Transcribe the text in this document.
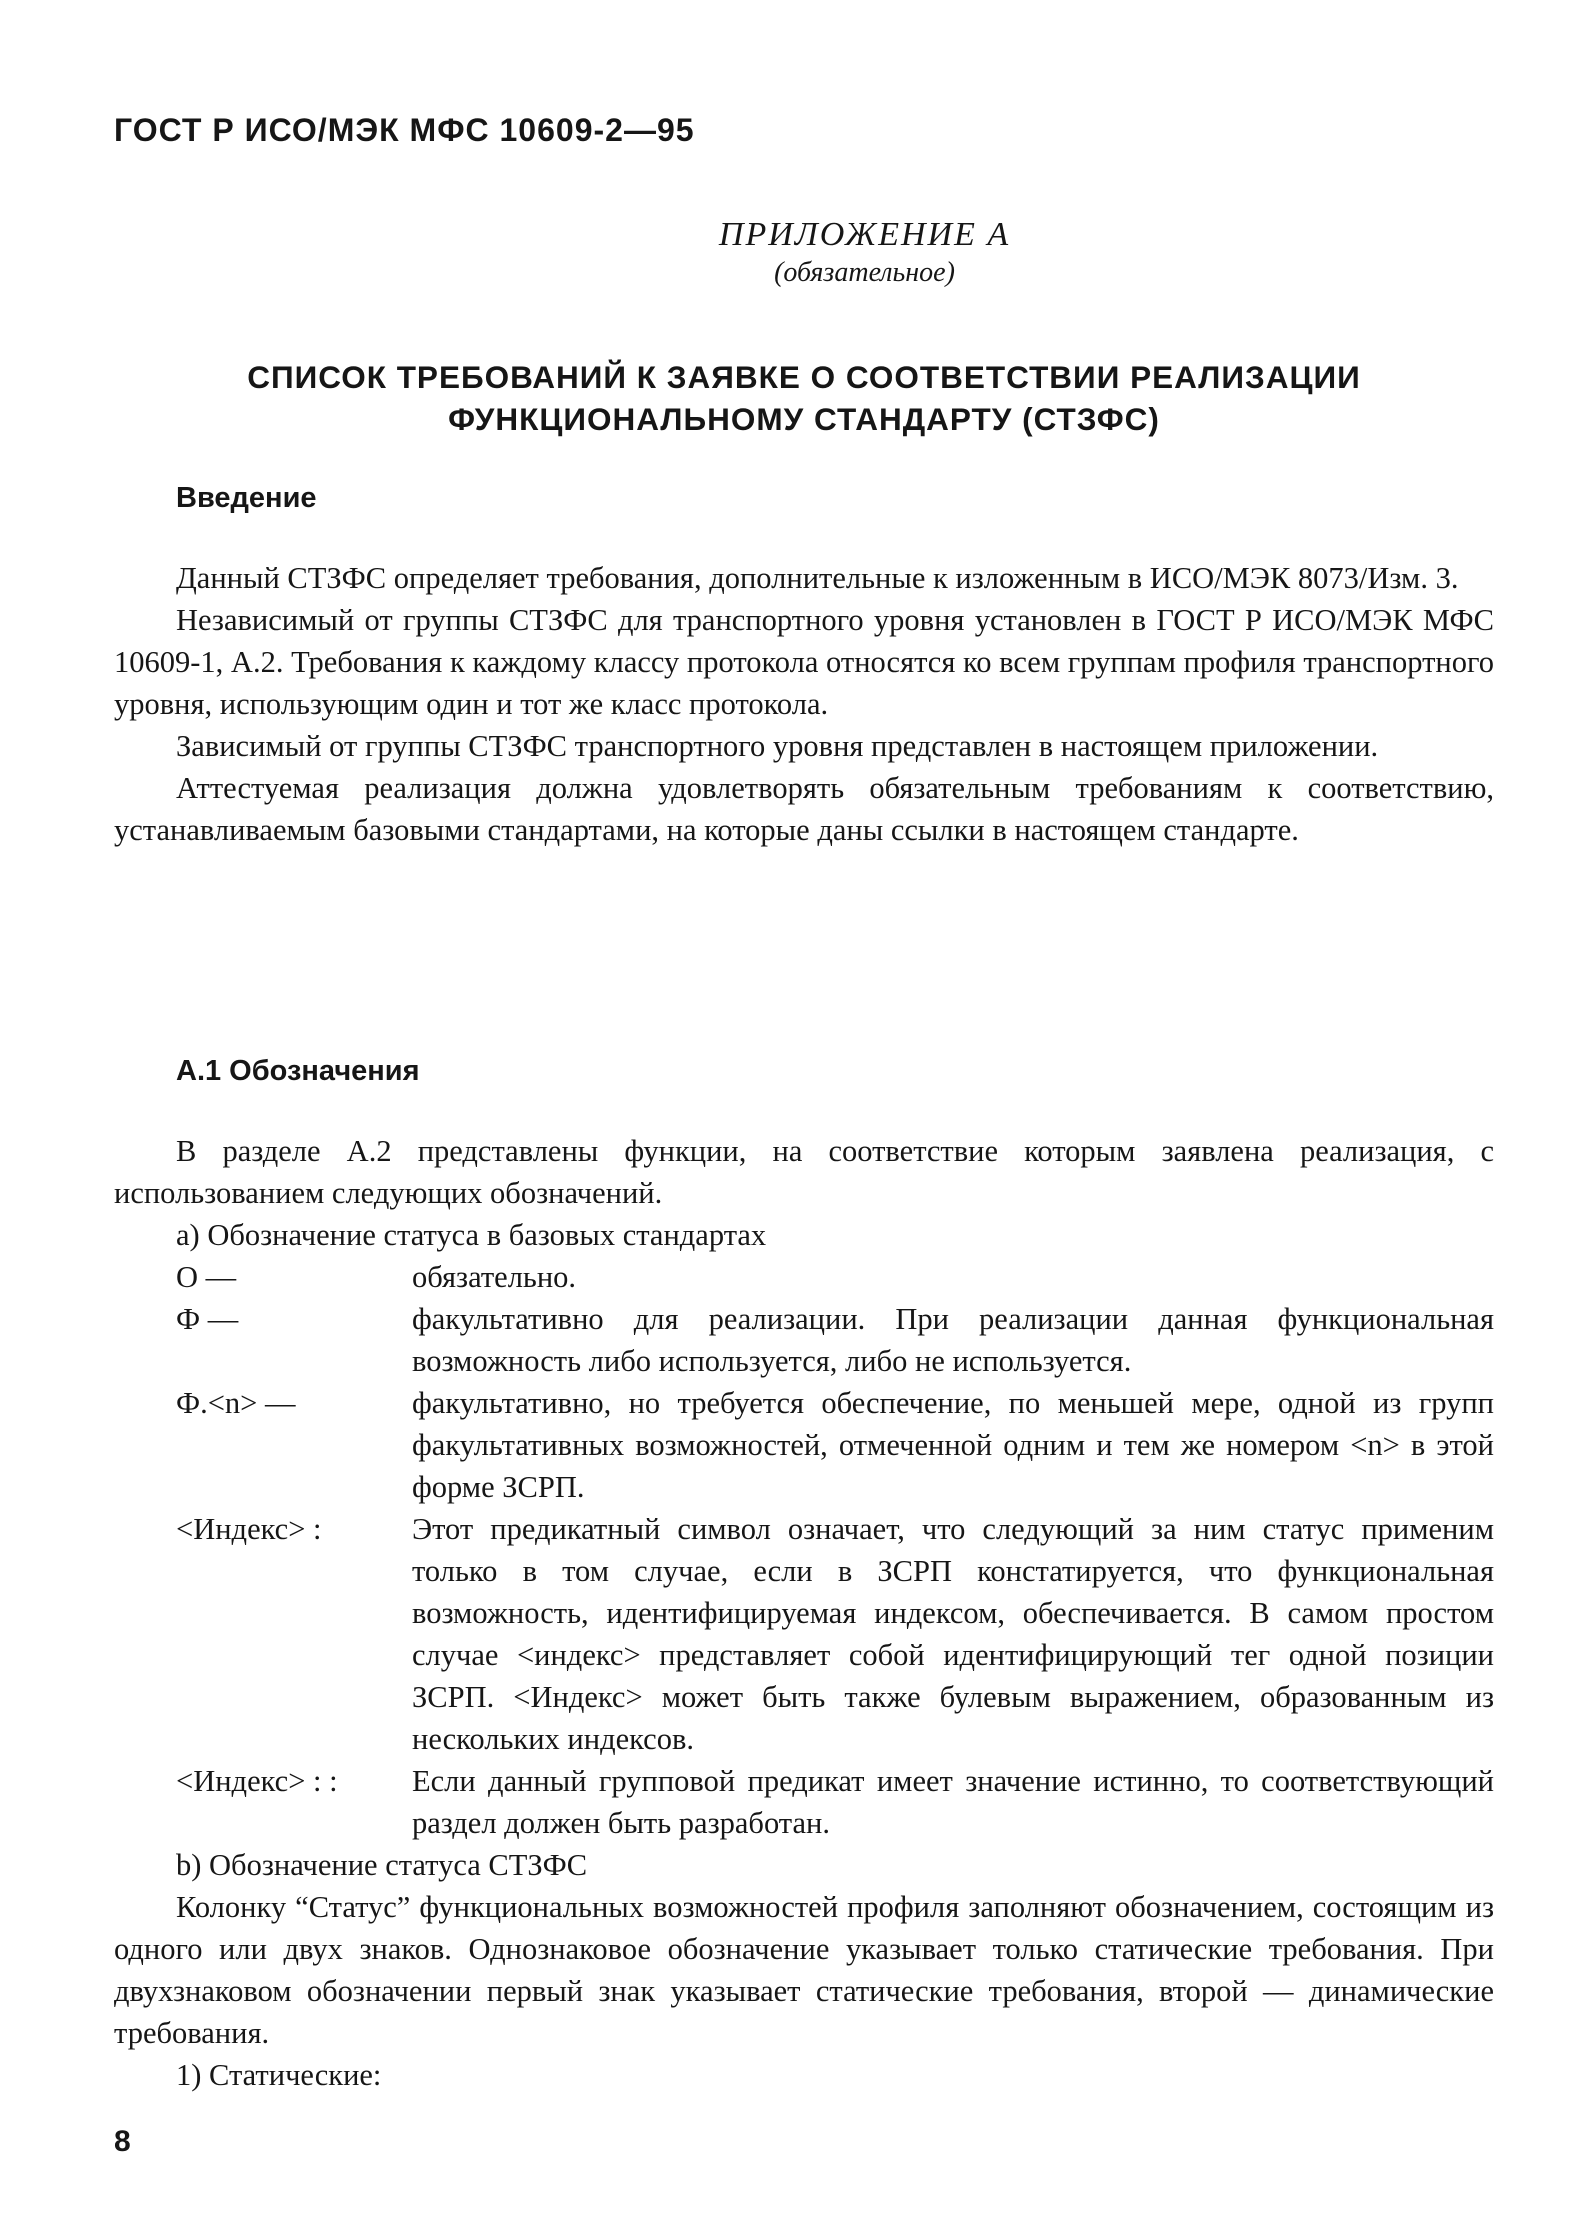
ГОСТ Р ИСО/МЭК МФС 10609-2—95
ПРИЛОЖЕНИЕ А
(обязательное)
СПИСОК ТРЕБОВАНИЙ К ЗАЯВКЕ О СООТВЕТСТВИИ РЕАЛИЗАЦИИ
ФУНКЦИОНАЛЬНОМУ СТАНДАРТУ (СТЗФС)
Введение

Данный СТЗФС определяет требования, дополнительные к изложенным в ИСО/МЭК 8073/Изм. 3.

Независимый от группы СТЗФС для транспортного уровня установлен в ГОСТ Р ИСО/МЭК МФС 10609-1, А.2. Требования к каждому классу протокола относятся ко всем группам профиля транспортного уровня, использующим один и тот же класс протокола.

Зависимый от группы СТЗФС транспортного уровня представлен в настоящем приложении.

Аттестуемая реализация должна удовлетворять обязательным требованиям к соответствию, устанавливаемым базовыми стандартами, на которые даны ссылки в настоящем стандарте.

А.1 Обозначения

В разделе А.2 представлены функции, на соответствие которым заявлена реализация, с использованием следующих обозначений.

а) Обозначение статуса в базовых стандартах

О —	обязательно.
Ф —	факультативно для реализации. При реализации данная функциональная возможность либо используется, либо не используется.
Ф.<n> —	факультативно, но требуется обеспечение, по меньшей мере, одной из групп факультативных возможностей, отмеченной одним и тем же номером <n> в этой форме ЗСРП.
<Индекс> :	Этот предикатный символ означает, что следующий за ним статус применим только в том случае, если в ЗСРП констатируется, что функциональная возможность, идентифицируемая индексом, обеспечивается. В самом простом случае <индекс> представляет собой идентифицирующий тег одной позиции ЗСРП. <Индекс> может быть также булевым выражением, образованным из нескольких индексов.
<Индекс> : :	Если данный групповой предикат имеет значение истинно, то соответствующий раздел должен быть разработан.

b) Обозначение статуса СТЗФС

Колонку “Статус” функциональных возможностей профиля заполняют обозначением, состоящим из одного или двух знаков. Однознаковое обозначение указывает только статические требования. При двухзнаковом обозначении первый знак указывает статические требования, второй — динамические требования.

1) Статические:

8
